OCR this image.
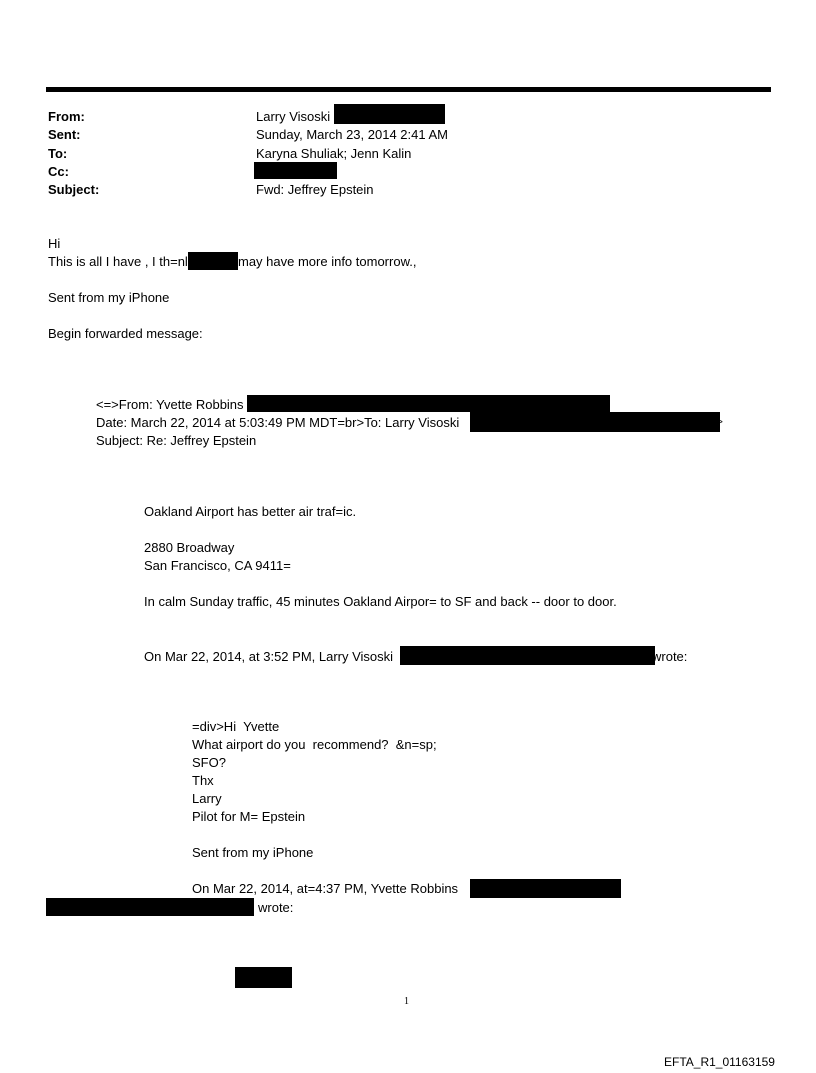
From:	Larry Visoski
Sent:	Sunday, March 23, 2014 2:41 AM
To:	Karyna Shuliak; Jenn Kalin
Cc:
Subject:	Fwd: Jeffrey Epstein
Hi
This is all I have , I th=nl	may have more info tomorrow.,
Sent from my iPhone
Begin forwarded message:
<=>From: Yvette Robbins
Date: March 22, 2014 at 5:03:49 PM MDT=br>To: Larry Visoski	>
Subject: Re: Jeffrey Epstein
Oakland Airport has better air traf=ic.
2880 Broadway
San Francisco, CA 9411=
In calm Sunday traffic, 45 minutes Oakland Airpor= to SF and back -- door to door.
On Mar 22, 2014, at 3:52 PM, Larry Visoski	wrote:
=div>Hi  Yvette
What airport do you  recommend?  &n=sp;
SFO?
Thx
Larry
Pilot for M= Epstein
Sent from my iPhone
On Mar 22, 2014, at=4:37 PM, Yvette Robbins
wrote:
1
EFTA_R1_01163159
